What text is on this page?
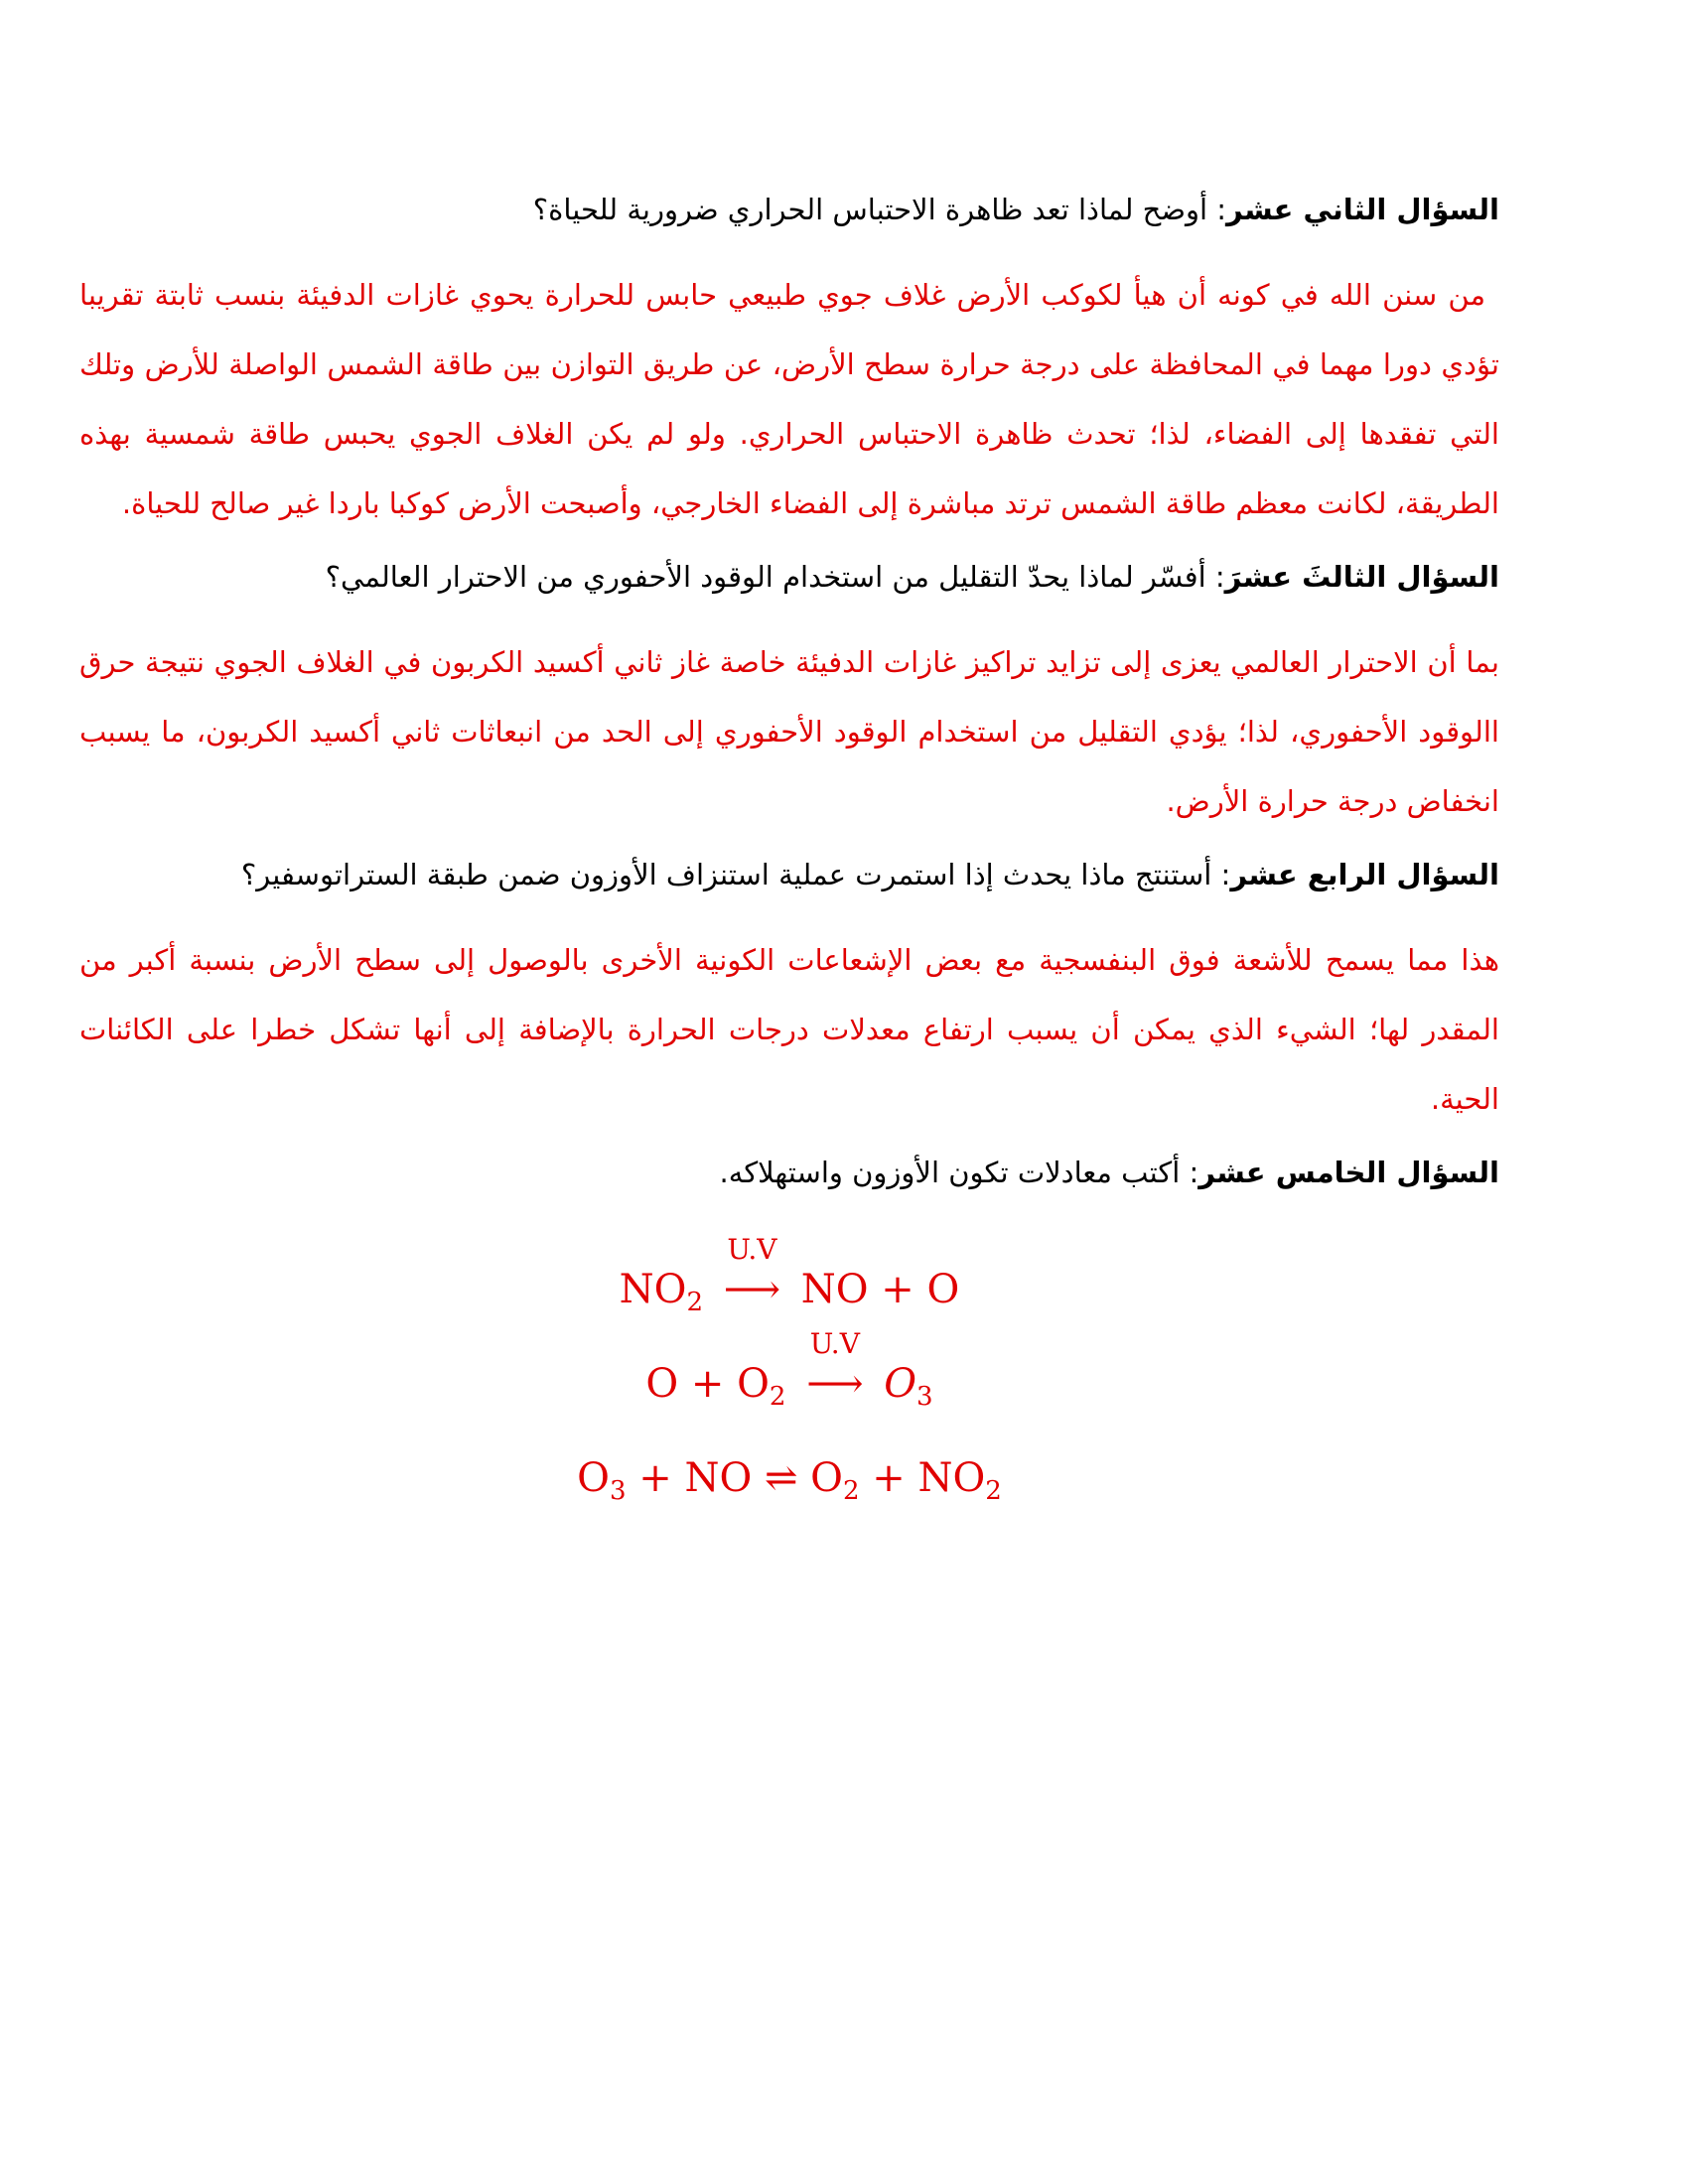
السؤال الثاني عشر: أوضح لماذا تعد ظاهرة الاحتباس الحراري ضرورية للحياة؟

من سنن الله في كونه أن هيأ لكوكب الأرض غلاف جوي طبيعي حابس للحرارة يحوي غازات الدفيئة بنسب ثابتة تقريبا تؤدي دورا مهما في المحافظة على درجة حرارة سطح الأرض، عن طريق التوازن بين طاقة الشمس الواصلة للأرض وتلك التي تفقدها إلى الفضاء، لذا؛ تحدث ظاهرة الاحتباس الحراري. ولو لم يكن الغلاف الجوي يحبس طاقة شمسية بهذه الطريقة، لكانت معظم طاقة الشمس ترتد مباشرة إلى الفضاء الخارجي، وأصبحت الأرض كوكبا باردا غير صالح للحياة.

السؤال الثالثَ عشرَ: أفسّر لماذا يحدّ التقليل من استخدام الوقود الأحفوري من الاحترار العالمي؟

بما أن الاحترار العالمي يعزى إلى تزايد تراكيز غازات الدفيئة خاصة غاز ثاني أكسيد الكربون في الغلاف الجوي نتيجة حرق االوقود الأحفوري، لذا؛ يؤدي التقليل من استخدام الوقود الأحفوري إلى الحد من انبعاثات ثاني أكسيد الكربون، ما يسبب انخفاض درجة حرارة الأرض.

السؤال الرابع عشر: أستنتج ماذا يحدث إذا استمرت عملية استنزاف الأوزون ضمن طبقة الستراتوسفير؟

هذا مما يسمح للأشعة فوق البنفسجية مع بعض الإشعاعات الكونية الأخرى بالوصول إلى سطح الأرض بنسبة أكبر من المقدر لها؛ الشيء الذي يمكن أن يسبب ارتفاع معدلات درجات الحرارة بالإضافة إلى أنها تشكل خطرا على الكائنات الحية.

السؤال الخامس عشر: أكتب معادلات تكون الأوزون واستهلاكه.

$NO_2$
U.V
⟶ NO + O
$O + O_2$
U.V
⟶ $O_3$
$O_3$ + NO ⇌ $O_2 + NO_2$
